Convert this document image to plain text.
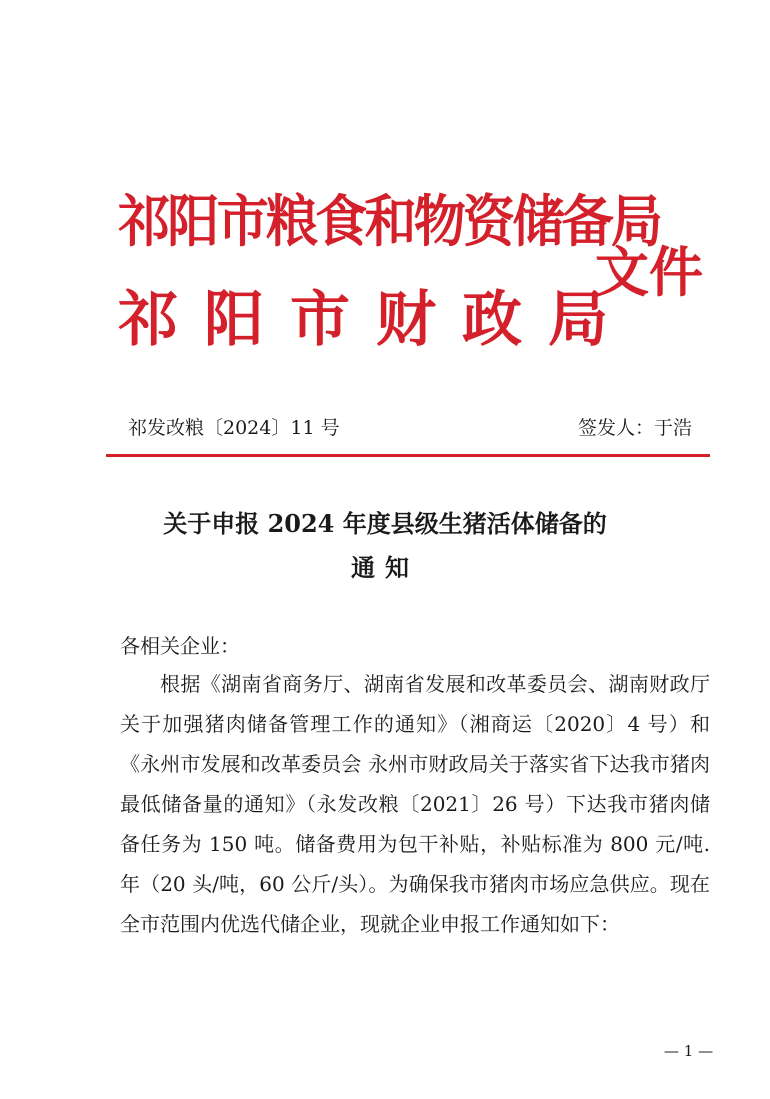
祁阳市粮食和物资储备局
祁阳市财政局
文件
祁发改粮〔2024〕11 号	签发人：于浩
关于申报 2024 年度县级生猪活体储备的
通知
各相关企业：

根据《湖南省商务厅、湖南省发展和改革委员会、湖南财政厅关于加强猪肉储备管理工作的通知》（湘商运〔2020〕4 号）和《永州市发展和改革委员会 永州市财政局关于落实省下达我市猪肉最低储备量的通知》（永发改粮〔2021〕26 号）下达我市猪肉储备任务为 150 吨。储备费用为包干补贴，补贴标准为 800 元/吨.年（20 头/吨，60 公斤/头）。为确保我市猪肉市场应急供应。现在全市范围内优选代储企业，现就企业申报工作通知如下：

— 1 —
